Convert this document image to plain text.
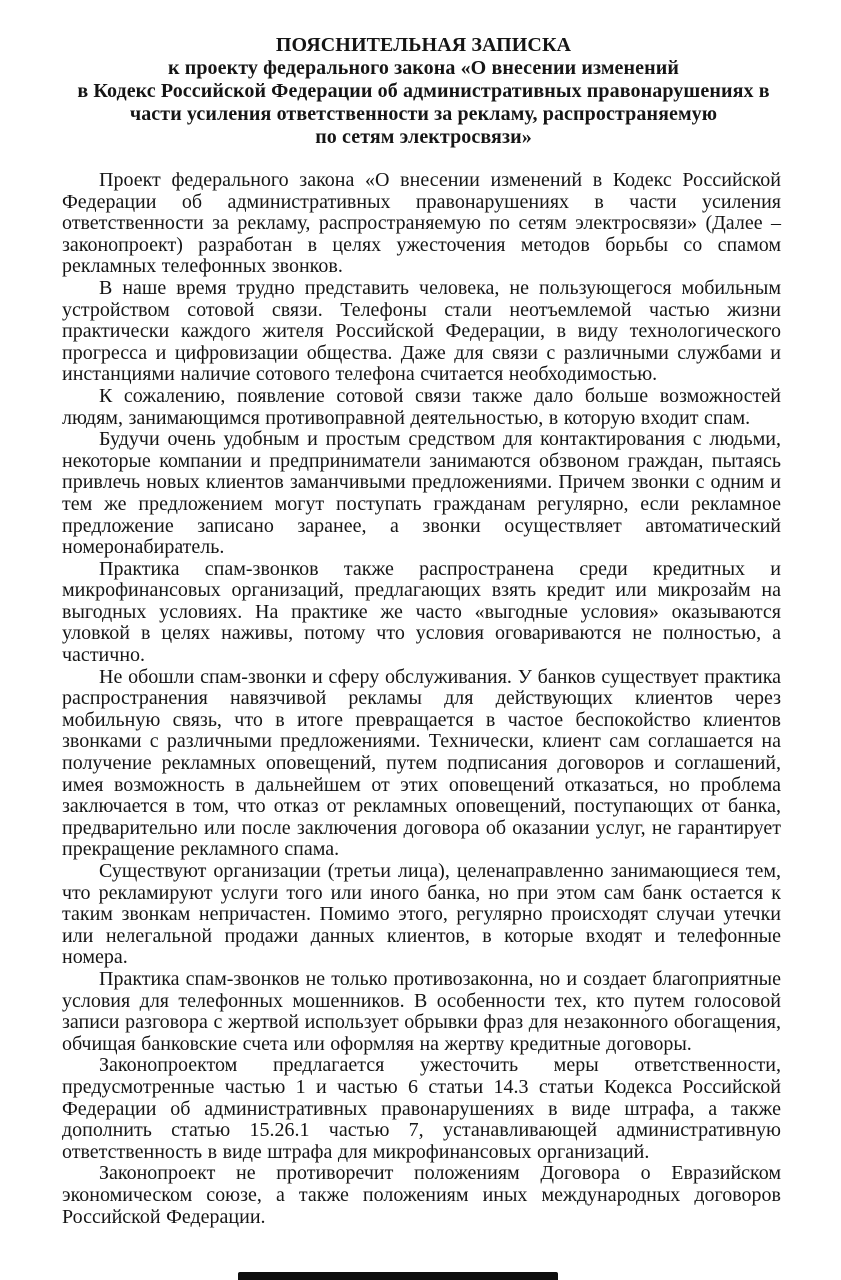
ПОЯСНИТЕЛЬНАЯ ЗАПИСКА
к проекту федерального закона «О внесении изменений
в Кодекс Российской Федерации об административных правонарушениях в
части усиления ответственности за рекламу, распространяемую
по сетям электросвязи»

Проект федерального закона «О внесении изменений в Кодекс Российской Федерации об административных правонарушениях в части усиления ответственности за рекламу, распространяемую по сетям электросвязи» (Далее – законопроект) разработан в целях ужесточения методов борьбы со спамом рекламных телефонных звонков.

В наше время трудно представить человека, не пользующегося мобильным устройством сотовой связи. Телефоны стали неотъемлемой частью жизни практически каждого жителя Российской Федерации, в виду технологического прогресса и цифровизации общества. Даже для связи с различными службами и инстанциями наличие сотового телефона считается необходимостью.

К сожалению, появление сотовой связи также дало больше возможностей людям, занимающимся противоправной деятельностью, в которую входит спам.

Будучи очень удобным и простым средством для контактирования с людьми, некоторые компании и предприниматели занимаются обзвоном граждан, пытаясь привлечь новых клиентов заманчивыми предложениями. Причем звонки с одним и тем же предложением могут поступать гражданам регулярно, если рекламное предложение записано заранее, а звонки осуществляет автоматический номеронабиратель.

Практика спам-звонков также распространена среди кредитных и микрофинансовых организаций, предлагающих взять кредит или микрозайм на выгодных условиях. На практике же часто «выгодные условия» оказываются уловкой в целях наживы, потому что условия оговариваются не полностью, а частично.

Не обошли спам-звонки и сферу обслуживания. У банков существует практика распространения навязчивой рекламы для действующих клиентов через мобильную связь, что в итоге превращается в частое беспокойство клиентов звонками с различными предложениями. Технически, клиент сам соглашается на получение рекламных оповещений, путем подписания договоров и соглашений, имея возможность в дальнейшем от этих оповещений отказаться, но проблема заключается в том, что отказ от рекламных оповещений, поступающих от банка, предварительно или после заключения договора об оказании услуг, не гарантирует прекращение рекламного спама.

Существуют организации (третьи лица), целенаправленно занимающиеся тем, что рекламируют услуги того или иного банка, но при этом сам банк остается к таким звонкам непричастен. Помимо этого, регулярно происходят случаи утечки или нелегальной продажи данных клиентов, в которые входят и телефонные номера.

Практика спам-звонков не только противозаконна, но и создает благоприятные условия для телефонных мошенников. В особенности тех, кто путем голосовой записи разговора с жертвой использует обрывки фраз для незаконного обогащения, обчищая банковские счета или оформляя на жертву кредитные договоры.

Законопроектом предлагается ужесточить меры ответственности, предусмотренные частью 1 и частью 6 статьи 14.3 статьи Кодекса Российской Федерации об административных правонарушениях в виде штрафа, а также дополнить статью 15.26.1 частью 7, устанавливающей административную ответственность в виде штрафа для микрофинансовых организаций.

Законопроект не противоречит положениям Договора о Евразийском экономическом союзе, а также положениям иных международных договоров Российской Федерации.
